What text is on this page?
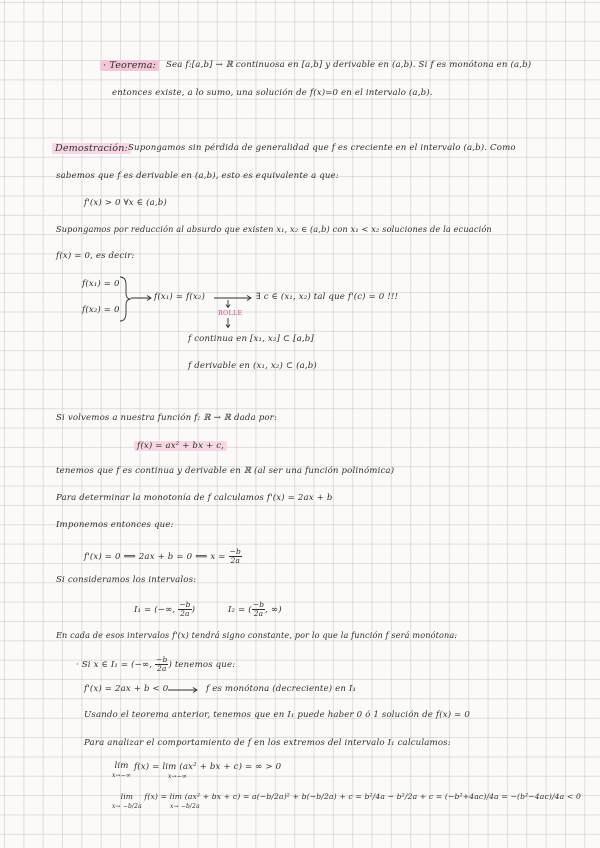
· Teorema:	Sea f:[a,b] → ℝ continuosa en [a,b] y derivable en (a,b). Si f es monótona en (a,b)
entonces existe, a lo sumo, una solución de f(x)=0 en el intervalo (a,b).
Demostración: Supongamos sin pérdida de generalidad que f es creciente en el intervalo (a,b). Como
sabemos que f es derivable en (a,b), esto es equivalente a que:
f'(x) > 0 ∀x ∈ (a,b)
Supongamos por reducción al absurdo que existen x₁, x₂ ∈ (a,b) con x₁ < x₂ soluciones de la ecuación
f(x) = 0, es decir:
f(x₁) = 0
f(x₂) = 0
f(x₁) = f(x₂)
ROLLE
∃ c ∈ (x₁, x₂) tal que f'(c) = 0 !!!
f continua en [x₁, x₂] ⊂ [a,b]
f derivable en (x₁, x₂) ⊂ (a,b)
Si volvemos a nuestra función f: ℝ → ℝ dada por:
f(x) = ax² + bx + c,
tenemos que f es continua y derivable en ℝ (al ser una función polinómica)
Para determinar la monotonía de f calculamos f'(x) = 2ax + b
Imponemos entonces que:
f'(x) = 0 ⟺ 2ax + b = 0 ⟺ $x = \frac{-b}{2a}$
Si consideramos los intervalos:
I₁ = (−∞, $\frac{-b}{2a}$ )	I₂ = ( $\frac{-b}{2a}$ , ∞)
En cada de esos intervalos f'(x) tendrá signo constante, por lo que la función f será monótona:
· Si x ∈ I₁ = (−∞, $\frac{-b}{2a}$ ) tenemos que:
f'(x) = 2ax + b < 0	f es monótona (decreciente) en I₁
Usando el teorema anterior, tenemos que en I₁ puede haber 0 ó 1 solución de f(x) = 0
Para analizar el comportamiento de f en los extremos del intervalo I₁ calculamos:
lim
x→−∞ f(x) = lim (ax² + bx + c) = ∞ > 0
x→−∞
lim
x→ −b/2a f(x) = lim (ax² + bx + c) = a(−b/2a)² + b(−b/2a) + c = b²/4a − b²/2a + c = (−b²+4ac)/4a = −(b²−4ac)/4a < 0
x→ −b/2a
